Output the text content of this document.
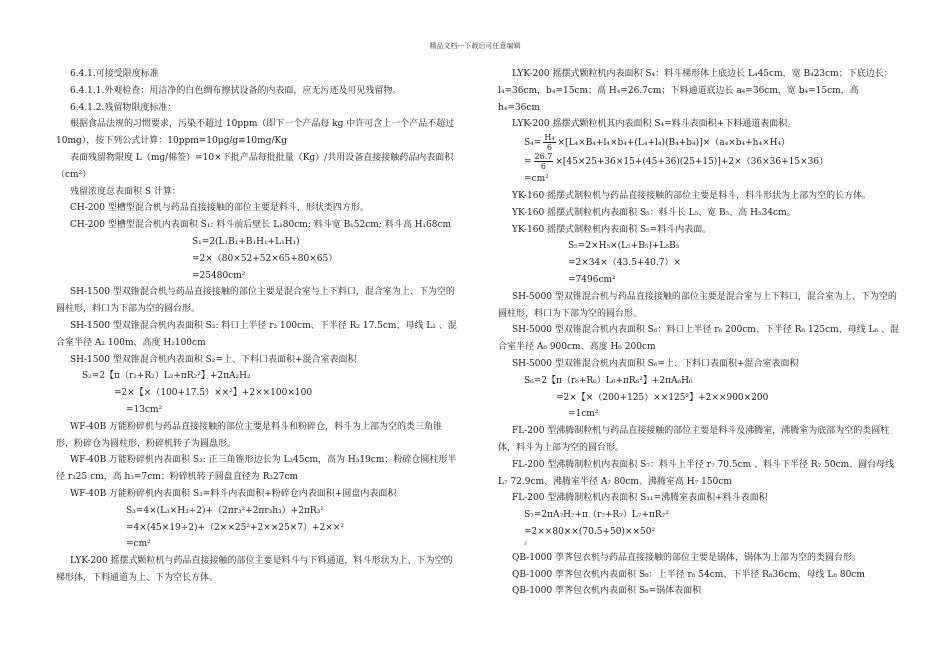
精品文档---下载后可任意编辑

6.4.1.可接受限度标准

6.4.1.1.外观检查：用洁净的白色绸布擦拭设备的内表面，应无污迹及可见残留物。

6.4.1.2.残留物限度标准：

根据食品法规的习惯要求，污染不超过 10ppm（即下一个产品每 kg 中许可含上一个产品不超过 10mg），按下列公式计算：10ppm=10μg/g≡10mg/Kg

表面残留物限度 L（mg/棉签）=10×下批产品每批批量（Kg）/共用设备直接接触药品内表面积（cm²）

残留浓度总表面积 S 计算：

CH-200 型槽型混合机与药品直接接触的部位主要是料斗，形状类四方形。

CH-200 型槽型混合机内表面积 S₁: 料斗前后壁长 L₁80cm; 料斗宽 B₁52cm; 料斗高 H₁68cm

S₁=2(L₁B₁+B₁H₁+L₁H₁)

=2×（80×52+52×65+80×65）

=25480cm²

SH-1500 型双锥混合机与药品直接接触的部位主要是混合室与上下料口，混合室为上、下为空的圆柱形，料口为下部为空的圆台形。

SH-1500 型双锥混合机内表面积 S₂: 料口上半径 r₂ 100cm、下半径 R₂ 17.5cm、母线 L₂ 、混合室半径 A₂ 100m、高度 H₂100cm

SH-1500 型双锥混合机内表面积 S₂=上、下料口表面积+混合室表面积

S₂=2【π（r₂+R₂）L₂+πR₂²】+2πA₂H₂

=2×【×（100+17.5）××²】+2××100×100

=13cm²

WF-40B 万能粉碎机与药品直接接触的部位主要是料斗和粉碎仓，料斗为上部为空的类三角锥形，粉碎仓为圆柱形，粉碎机转子为圆盘形。

WF-40B 万能粉碎机内表面积 S₃: 正三角锥形边长为 L₃45cm，高为 H₃19cm；粉碎仓圆柱形半径 r₃25 cm，高 h₃=7cm；粉碎机转子圆盘直径为 R₃27cm

WF-40B 万能粉碎机内表面积 S₃=料斗内表面积+粉碎仓内表面积+圆盘内表面积

S₃=4×(L₃×H₃÷2)+（2πr₃²+2πr₃h₃）+2πR₃²

=4×(45×19÷2)+（2××25²+2××25×7）+2××²

=cm²

LYK-200 摇摆式颗粒机与药品直接接触的部位主要是料斗与下料通道，料斗形状为上、下为空的梯形体，下料通道为上、下为空长方体。

LYK-200 摇摆式颗粒机内表面积 S₄：料斗梯形体上底边长 L₄45cm，宽 B₄23cm；下底边长：l₄=36cm，b₄=15cm；高 H₄=26.7cm；下料通道底边长 a₄=36cm，宽 b₄=15cm，高 h₄=36cm

LYK-200 摇摆式颗粒机其内表面积 S₄=料斗表面积+下料通道表面积。

$S_4= \frac{\text{H₄}}{6} \times[L_4\times B_4+l_4\times b_4+(L_4+l_4)(B_4+b_4)]\times(a_4\times b_4+h_4\times H_4)$

= $\frac{26.7}{6} \times[45\times 25+36\times 15+(45+36)(25+15)]+2\times(36\times 36+15\times 36)$

=cm²

YK-160 摇摆式制粒机与药品直接接触的部位主要是料斗，料斗形状为上部为空的长方体。

YK-160 摇摆式制粒机内表面积 S₅：料斗长 L₅、宽 B₅、高 H₅34cm。

YK-160 摇摆式制粒机内表面积 S₅=料斗内表面。

S₅=2×H₅×(L₅+B₅)+L₅B₅

=2×34×（43.5+40.7）×

=7496cm²

SH-5000 型双锥混合机与药品直接接触的部位主要是混合室与上下料口，混合室为上、下为空的圆柱形，料口为下部为空的圆台形。

SH-5000 型双锥混合机内表面积 S₆：料口上半径 r₆ 200cm、下半径 R₆ 125cm、母线 L₆ 、混合室半径 A₆ 900cm、高度 H₆ 200cm

SH-5000 型双锥混合机内表面积 S₆=上、下料口表面积+混合室表面积

S₆=2【π（r₆+R₆）L₆+πR₆²】+2πA₆H₆

=2×【×（200+125）××125²】+2××900×200

=1cm²

FL-200 型沸腾制粒机与药品直接接触的部位主要是料斗及沸腾室，沸腾室为底部为空的类圆柱体，料斗为上部为空的圆台形。

FL-200 型沸腾制粒机内表面积 S₇：料斗上半径 r₇ 70.5cm 、料斗下半径 R₇ 50cm、圆台母线 L₇ 72.9cm、沸腾室半径 A₇ 80cm、沸腾室高 H₇ 150cm

FL-200 型沸腾制粒机内表面积 S₁₁=沸腾室表面积+料斗表面积

S₇=2πA₇H₇+π（r₇+R₇）L₇+πR₇²

=2××80××(70.5+50)××50²

²

QB-1000 荸荠包衣机与药品直接接触的部位主要是锅体，锅体为上部为空的类圆台形。

QB-1000 荸荠包衣机内表面积 S₈：上半径 r₈ 54cm、下半径 R₈36cm、母线 L₈ 80cm

QB-1000 荸荠包衣机内表面积 S₈=锅体表面积
